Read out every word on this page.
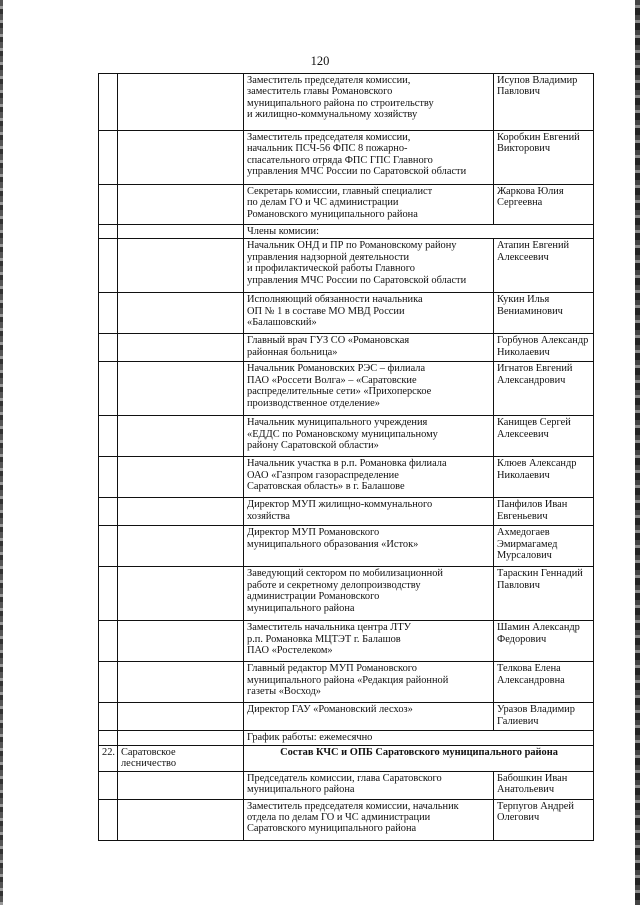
120
		Заместитель председателя комиссии,
заместитель главы Романовского
муниципального района по строительству
и жилищно-коммунальному хозяйству	Исупов Владимир
Павлович
		Заместитель председателя комиссии,
начальник ПСЧ-56 ФПС 8 пожарно-
спасательного отряда ФПС ГПС Главного
управления МЧС России по Саратовской области	Коробкин Евгений
Викторович
		Секретарь комиссии, главный специалист
по делам ГО и ЧС администрации
Романовского муниципального района	Жаркова Юлия
Сергеевна
		Члены комисии:	
		Начальник ОНД и ПР по Романовскому району
управления надзорной деятельности
и профилактической работы Главного
управления МЧС России по Саратовской области	Атапин Евгений
Алексеевич
		Исполняющий обязанности начальника
ОП № 1 в составе МО МВД России
«Балашовский»	Кукин Илья
Вениаминович
		Главный врач ГУЗ СО «Романовская
районная больница»	Горбунов Александр
Николаевич
		Начальник Романовских РЭС – филиала
ПАО «Россети Волга» – «Саратовские
распределительные сети» «Прихоперское
производственное отделение»	Игнатов Евгений
Александрович
		Начальник муниципального учреждения
«ЕДДС по Романовскому муниципальному
району Саратовской области»	Канищев Сергей
Алексеевич
		Начальник участка в р.п. Романовка филиала
ОАО «Газпром газораспределение
Саратовская область» в г. Балашове	Клюев Александр
Николаевич
		Директор МУП жилищно-коммунального
хозяйства	Панфилов Иван
Евгеньевич
		Директор МУП Романовского
муниципального образования «Исток»	Ахмедогаев
Эмирмагамед
Мурсалович
		Заведующий сектором по мобилизационной
работе и секретному делопроизводству
администрации Романовского
муниципального района	Тараскин Геннадий
Павлович
		Заместитель начальника центра ЛТУ
р.п. Романовка МЦТЭТ г. Балашов
ПАО «Ростелеком»	Шамин Александр
Федорович
		Главный редактор МУП Романовского
муниципального района «Редакция районной
газеты «Восход»	Телкова Елена
Александровна
		Директор ГАУ «Романовский лесхоз»	Уразов Владимир
Галиевич
		График работы: ежемесячно	
22.	Саратовское
лесничество	Состав КЧС и ОПБ Саратовского муниципального района	
		Председатель комиссии, глава Саратовского
муниципального района	Бабошкин Иван
Анатольевич
		Заместитель председателя комиссии, начальник
отдела по делам ГО и ЧС администрации
Саратовского муниципального района	Терпугов Андрей
Олегович
